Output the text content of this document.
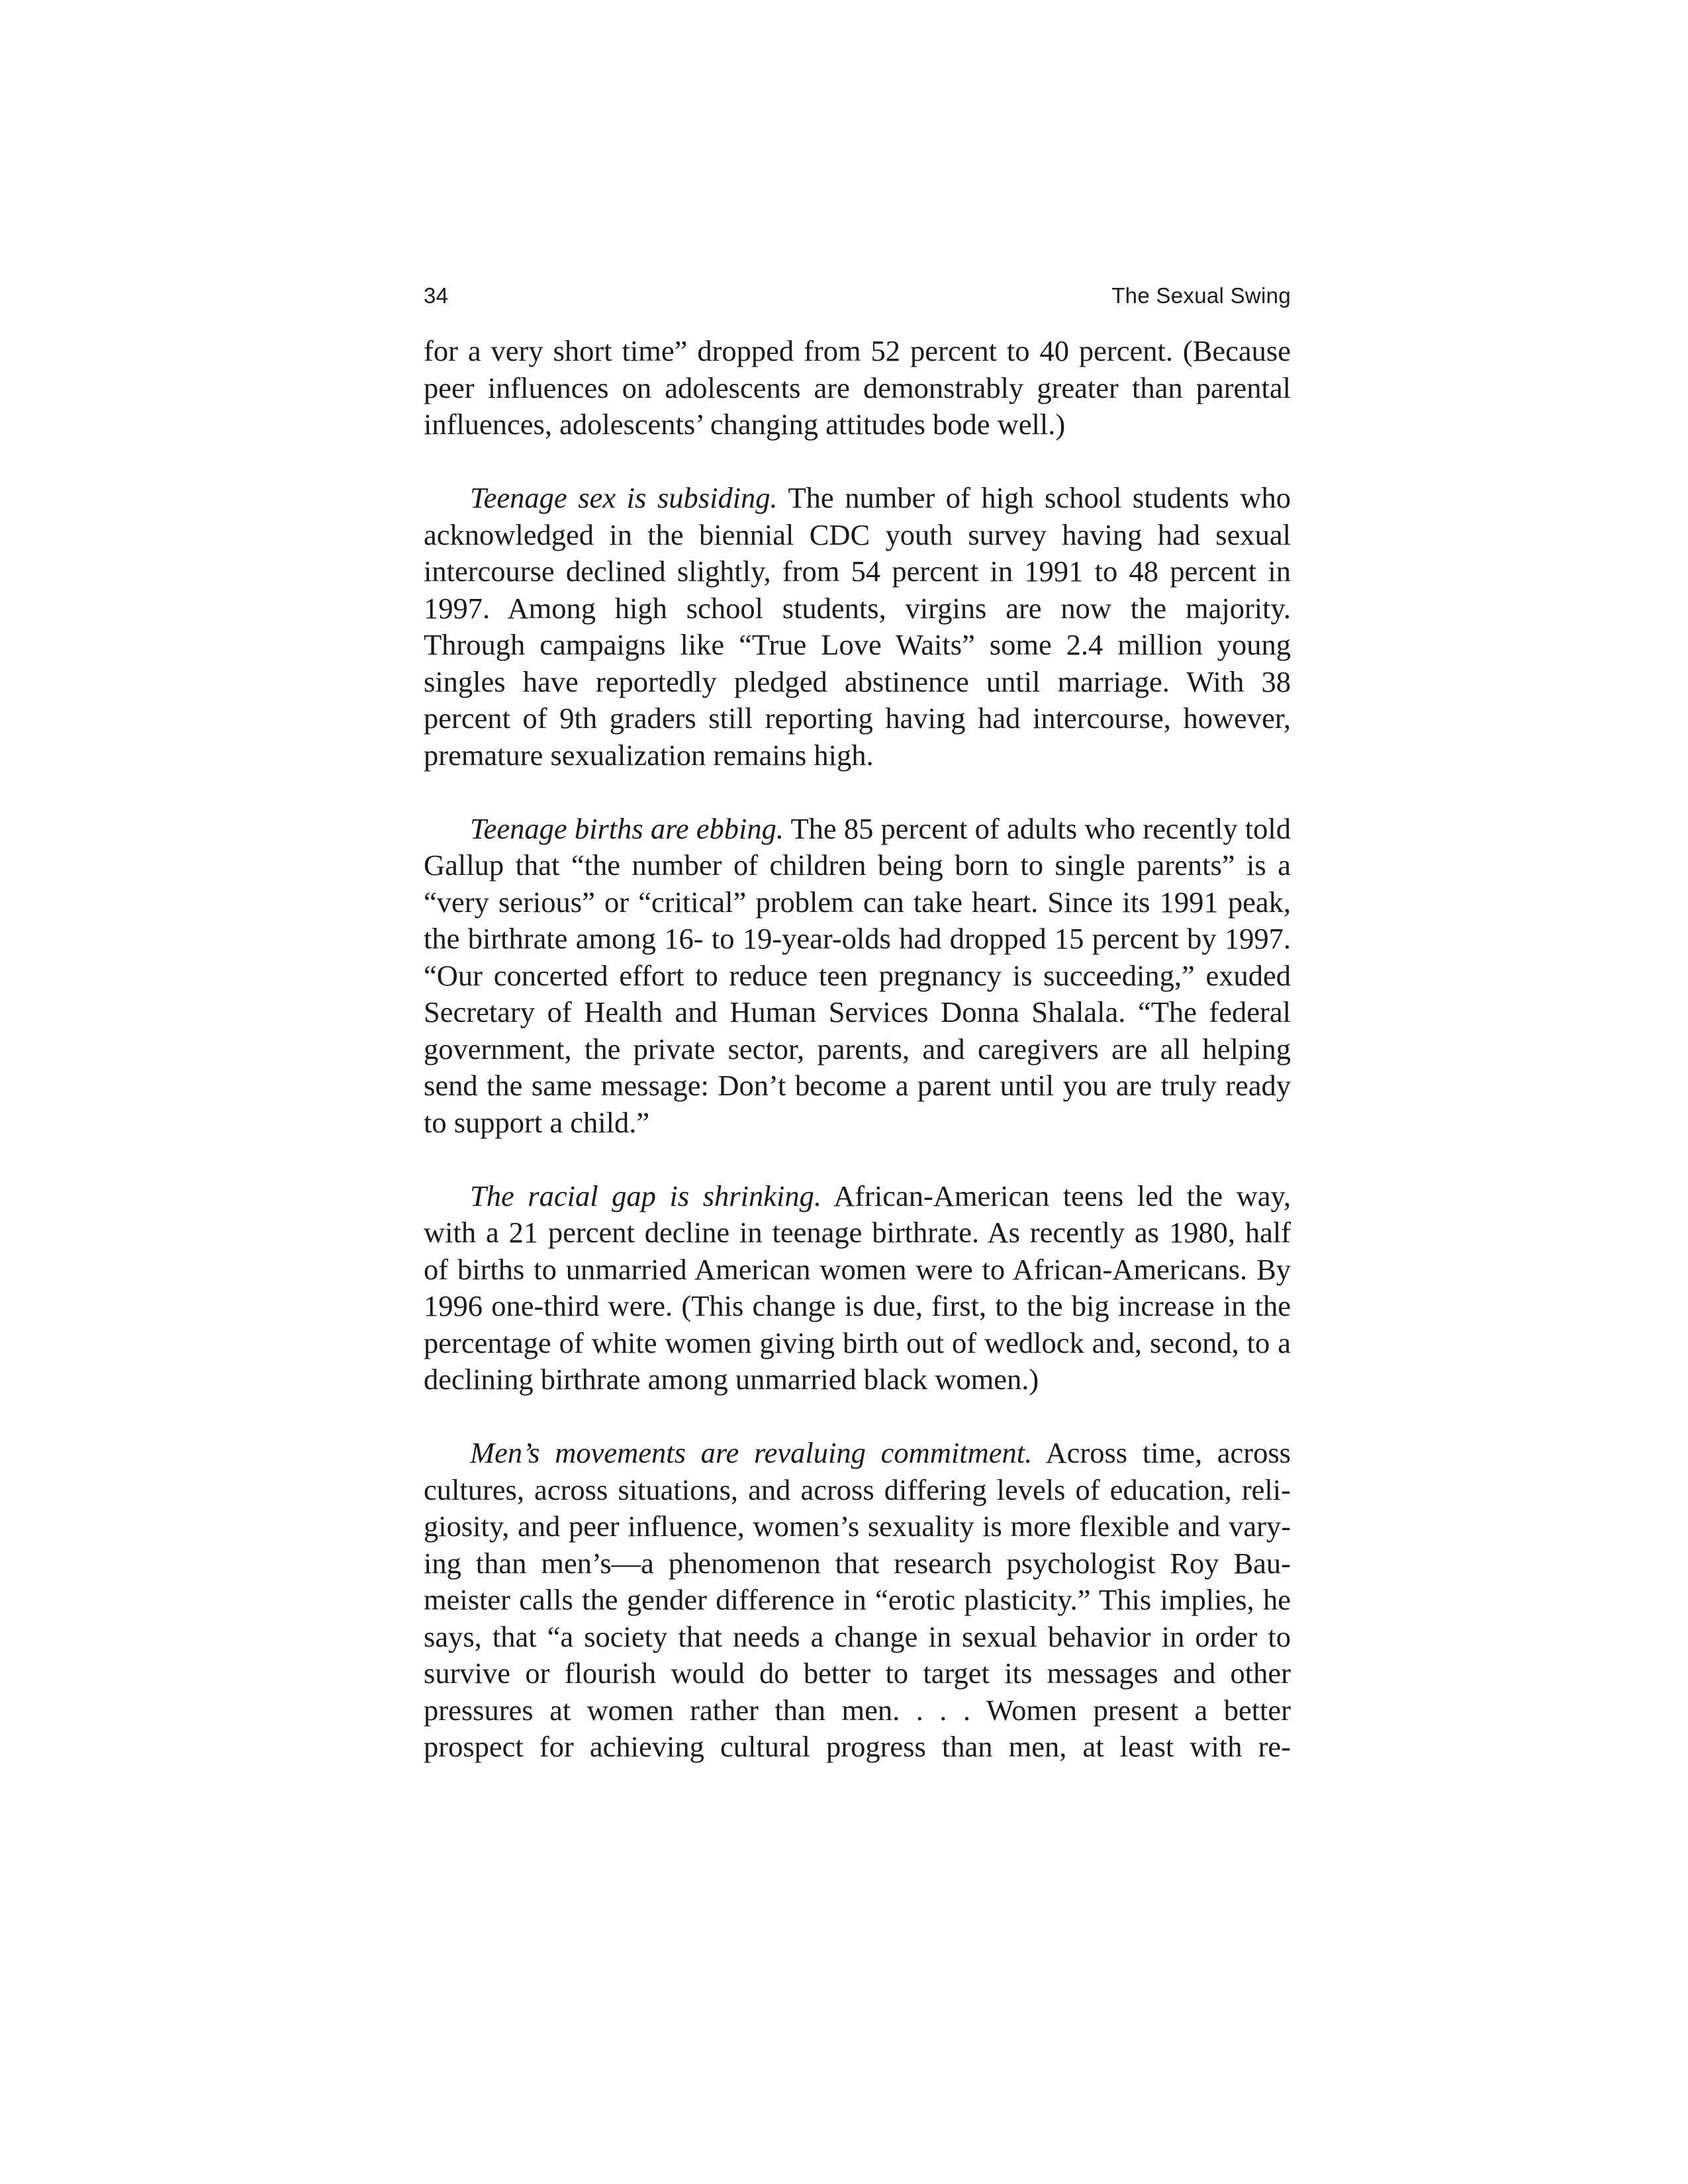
34	The Sexual Swing

for a very short time” dropped from 52 percent to 40 percent. (Because peer influences on adolescents are demonstrably greater than parental influences, adolescents’ changing attitudes bode well.)

Teenage sex is subsiding. The number of high school students who acknowledged in the biennial CDC youth survey having had sexual intercourse declined slightly, from 54 percent in 1991 to 48 percent in 1997. Among high school students, virgins are now the majority. Through campaigns like “True Love Waits” some 2.4 million young singles have reportedly pledged abstinence until marriage. With 38 percent of 9th graders still reporting having had intercourse, however, premature sexualization remains high.

Teenage births are ebbing. The 85 percent of adults who recently told Gallup that “the number of children being born to single parents” is a “very serious” or “critical” problem can take heart. Since its 1991 peak, the birthrate among 16- to 19-year-olds had dropped 15 percent by 1997. “Our concerted effort to reduce teen pregnancy is succeeding,” exuded Secretary of Health and Human Services Donna Shalala. “The federal government, the private sector, parents, and caregivers are all helping send the same message: Don’t become a parent until you are truly ready to support a child.”

The racial gap is shrinking. African-American teens led the way, with a 21 percent decline in teenage birthrate. As recently as 1980, half of births to unmarried American women were to African-Americans. By 1996 one-third were. (This change is due, first, to the big increase in the percentage of white women giving birth out of wedlock and, second, to a declining birthrate among unmarried black women.)

Men’s movements are revaluing commitment. Across time, across cultures, across situations, and across differing levels of education, religiosity, and peer influence, women’s sexuality is more flexible and varying than men’s—a phenomenon that research psychologist Roy Baumeister calls the gender difference in “erotic plasticity.” This implies, he says, that “a society that needs a change in sexual behavior in order to survive or flourish would do better to target its messages and other pressures at women rather than men. . . . Women present a better prospect for achieving cultural progress than men, at least with re-
